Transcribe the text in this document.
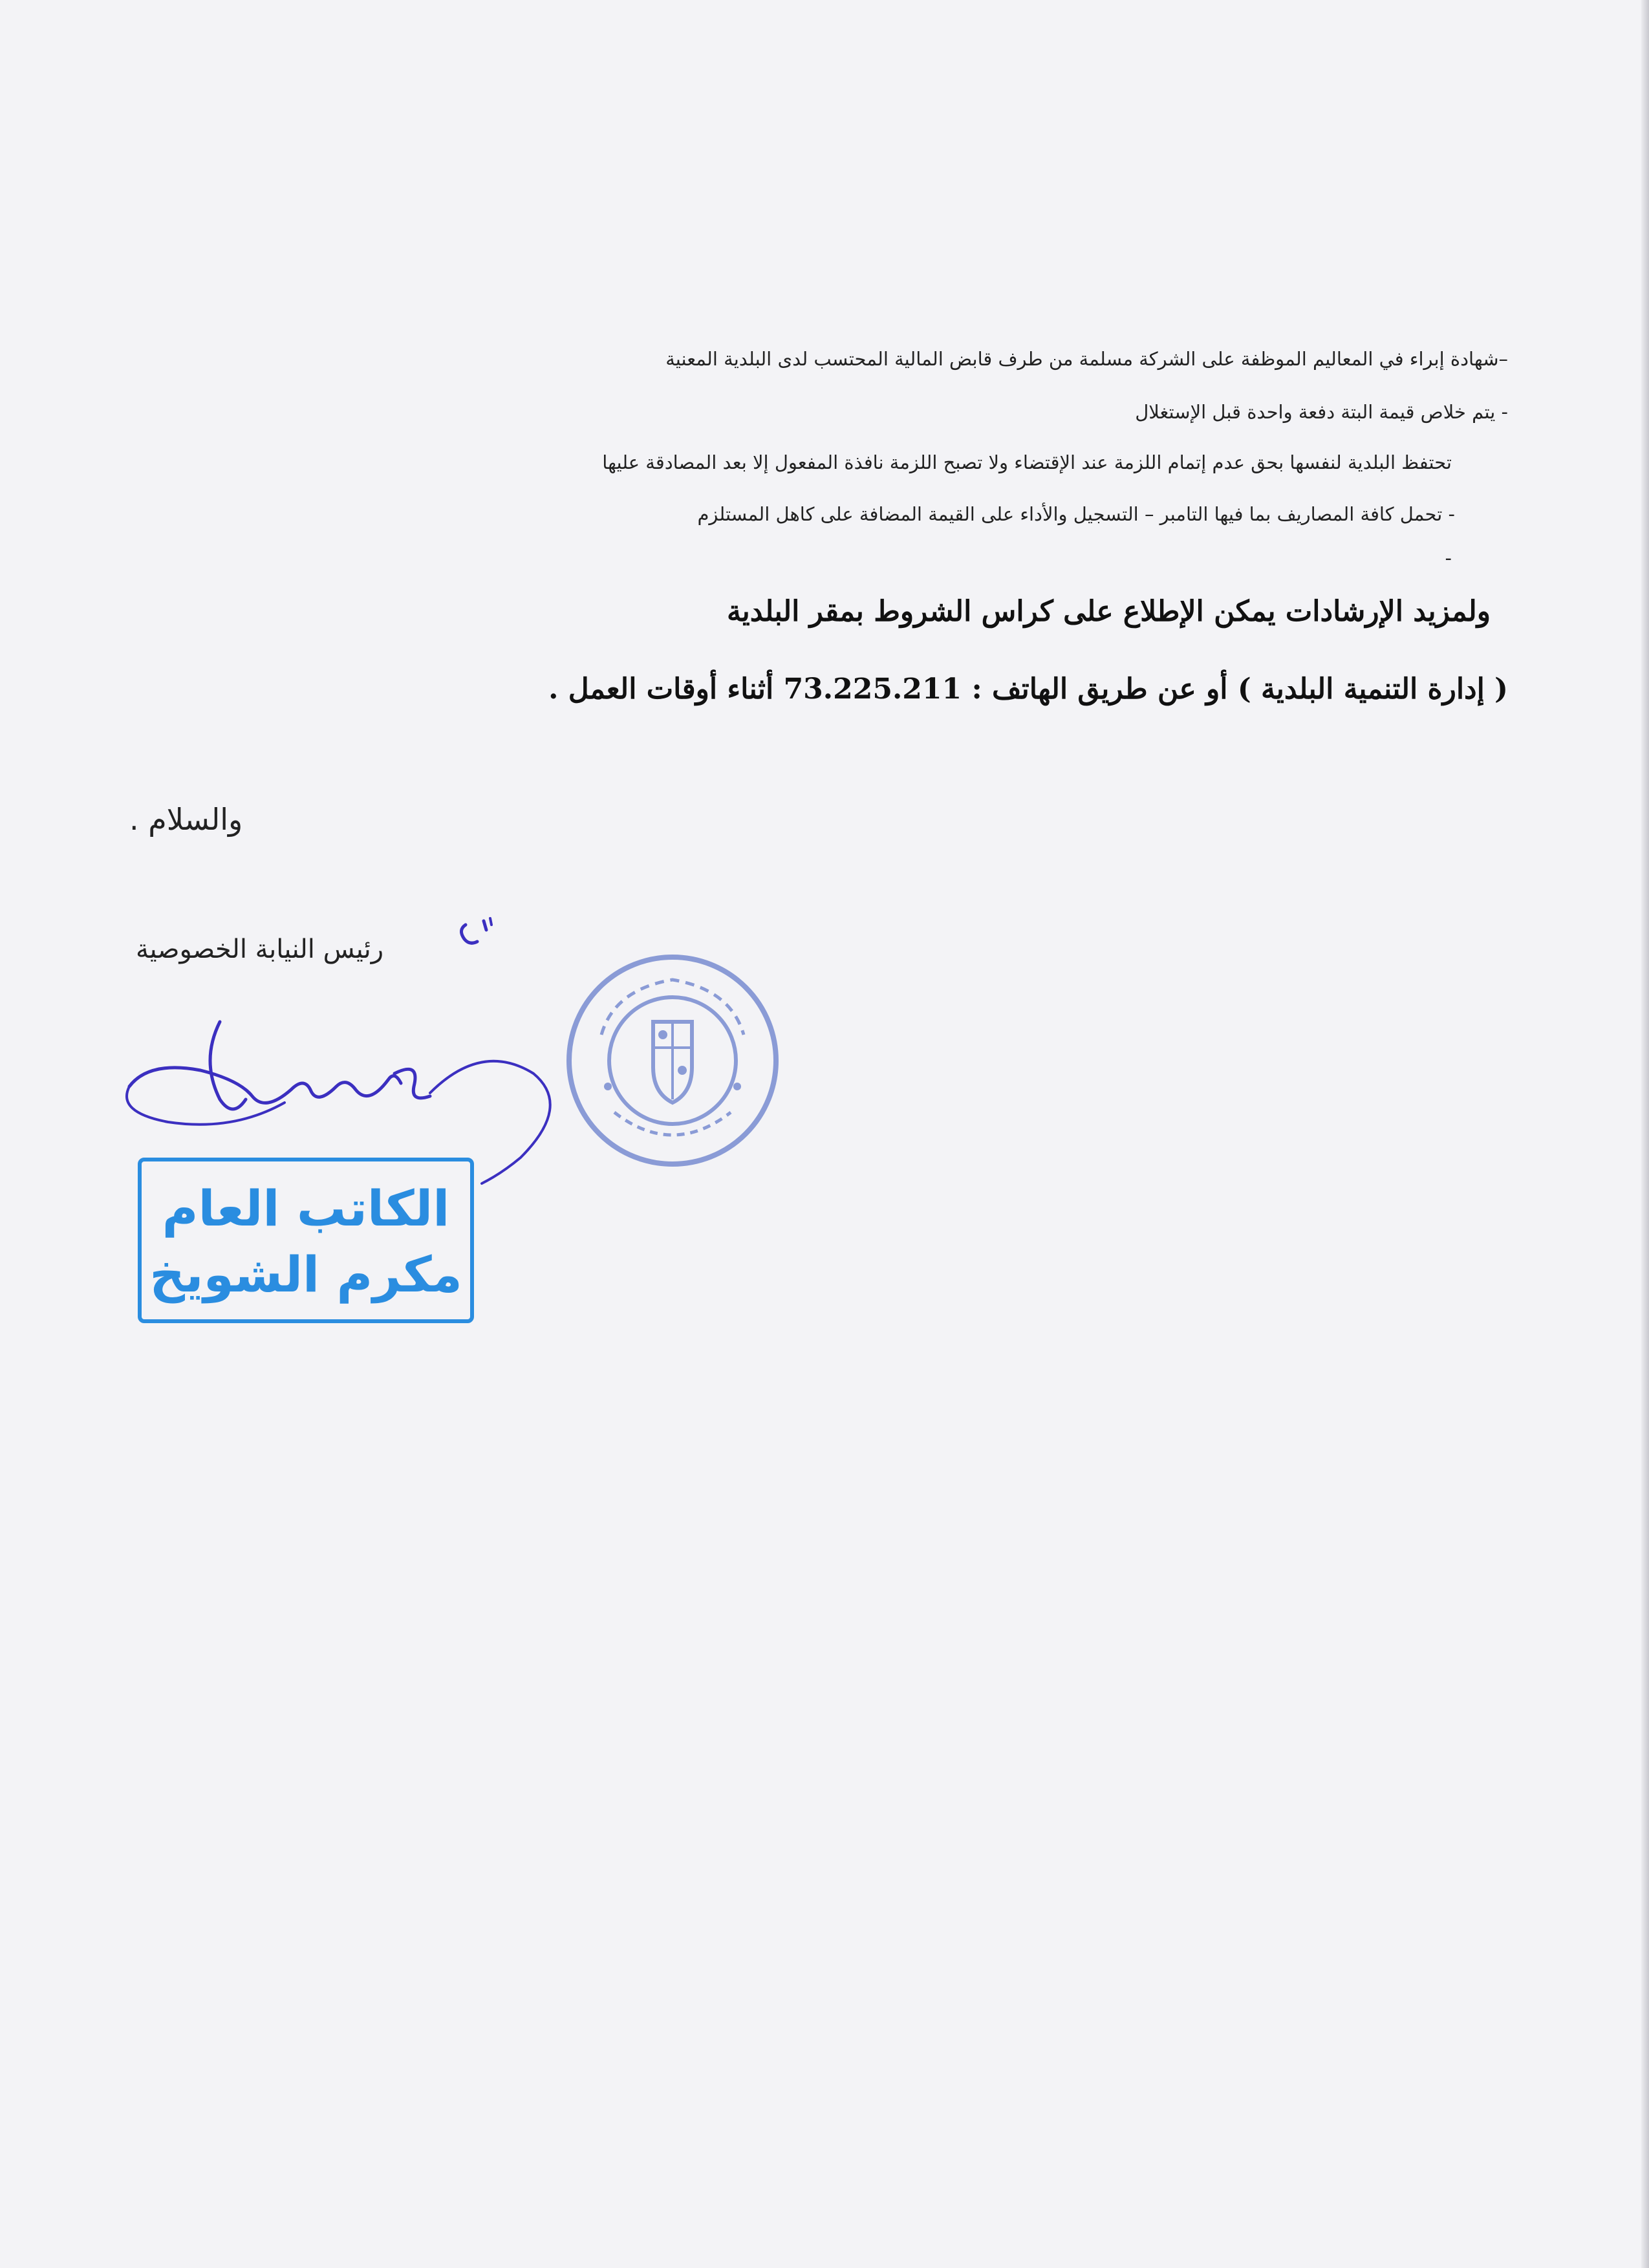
–شهادة إبراء في المعاليم الموظفة على الشركة مسلمة من طرف قابض المالية المحتسب لدى البلدية المعنية
- يتم خلاص قيمة البتة دفعة واحدة قبل الإستغلال
تحتفظ البلدية لنفسها بحق عدم إتمام اللزمة عند الإقتضاء ولا تصبح اللزمة نافذة المفعول إلا بعد المصادقة عليها
- تحمل كافة المصاريف بما فيها التامبر – التسجيل والأداء على القيمة المضافة على كاهل المستلزم
-
ولمزيد الإرشادات يمكن الإطلاع على كراس الشروط بمقر البلدية
( إدارة التنمية البلدية ) أو عن طريق الهاتف : 73.225.211 أثناء أوقات العمل .
والسلام .
رئيس النيابة الخصوصية
الكاتب العام
مكرم الشويخ
